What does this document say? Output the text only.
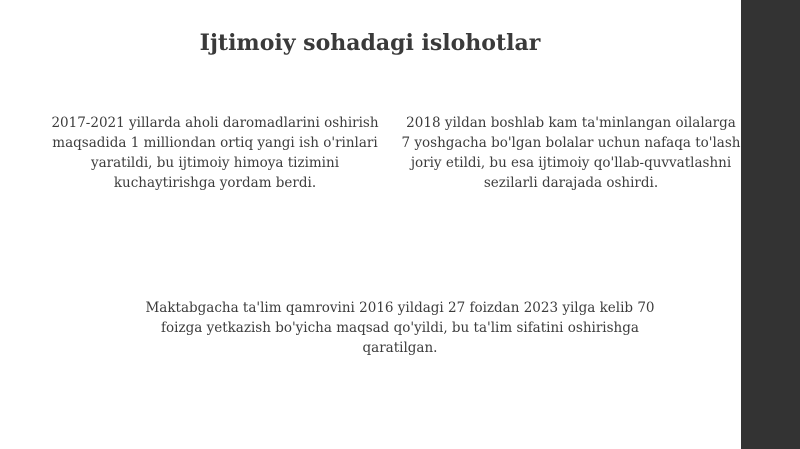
Ijtimoiy sohadagi islohotlar

2017-2021 yillarda aholi daromadlarini oshirish maqsadida 1 milliondan ortiq yangi ish o'rinlari yaratildi, bu ijtimoiy himoya tizimini kuchaytirishga yordam berdi.

2018 yildan boshlab kam ta'minlangan oilalarga 7 yoshgacha bo'lgan bolalar uchun nafaqa to'lash joriy etildi, bu esa ijtimoiy qo'llab-quvvatlashni sezilarli darajada oshirdi.

Maktabgacha ta'lim qamrovini 2016 yildagi 27 foizdan 2023 yilga kelib 70 foizga yetkazish bo'yicha maqsad qo'yildi, bu ta'lim sifatini oshirishga qaratilgan.
